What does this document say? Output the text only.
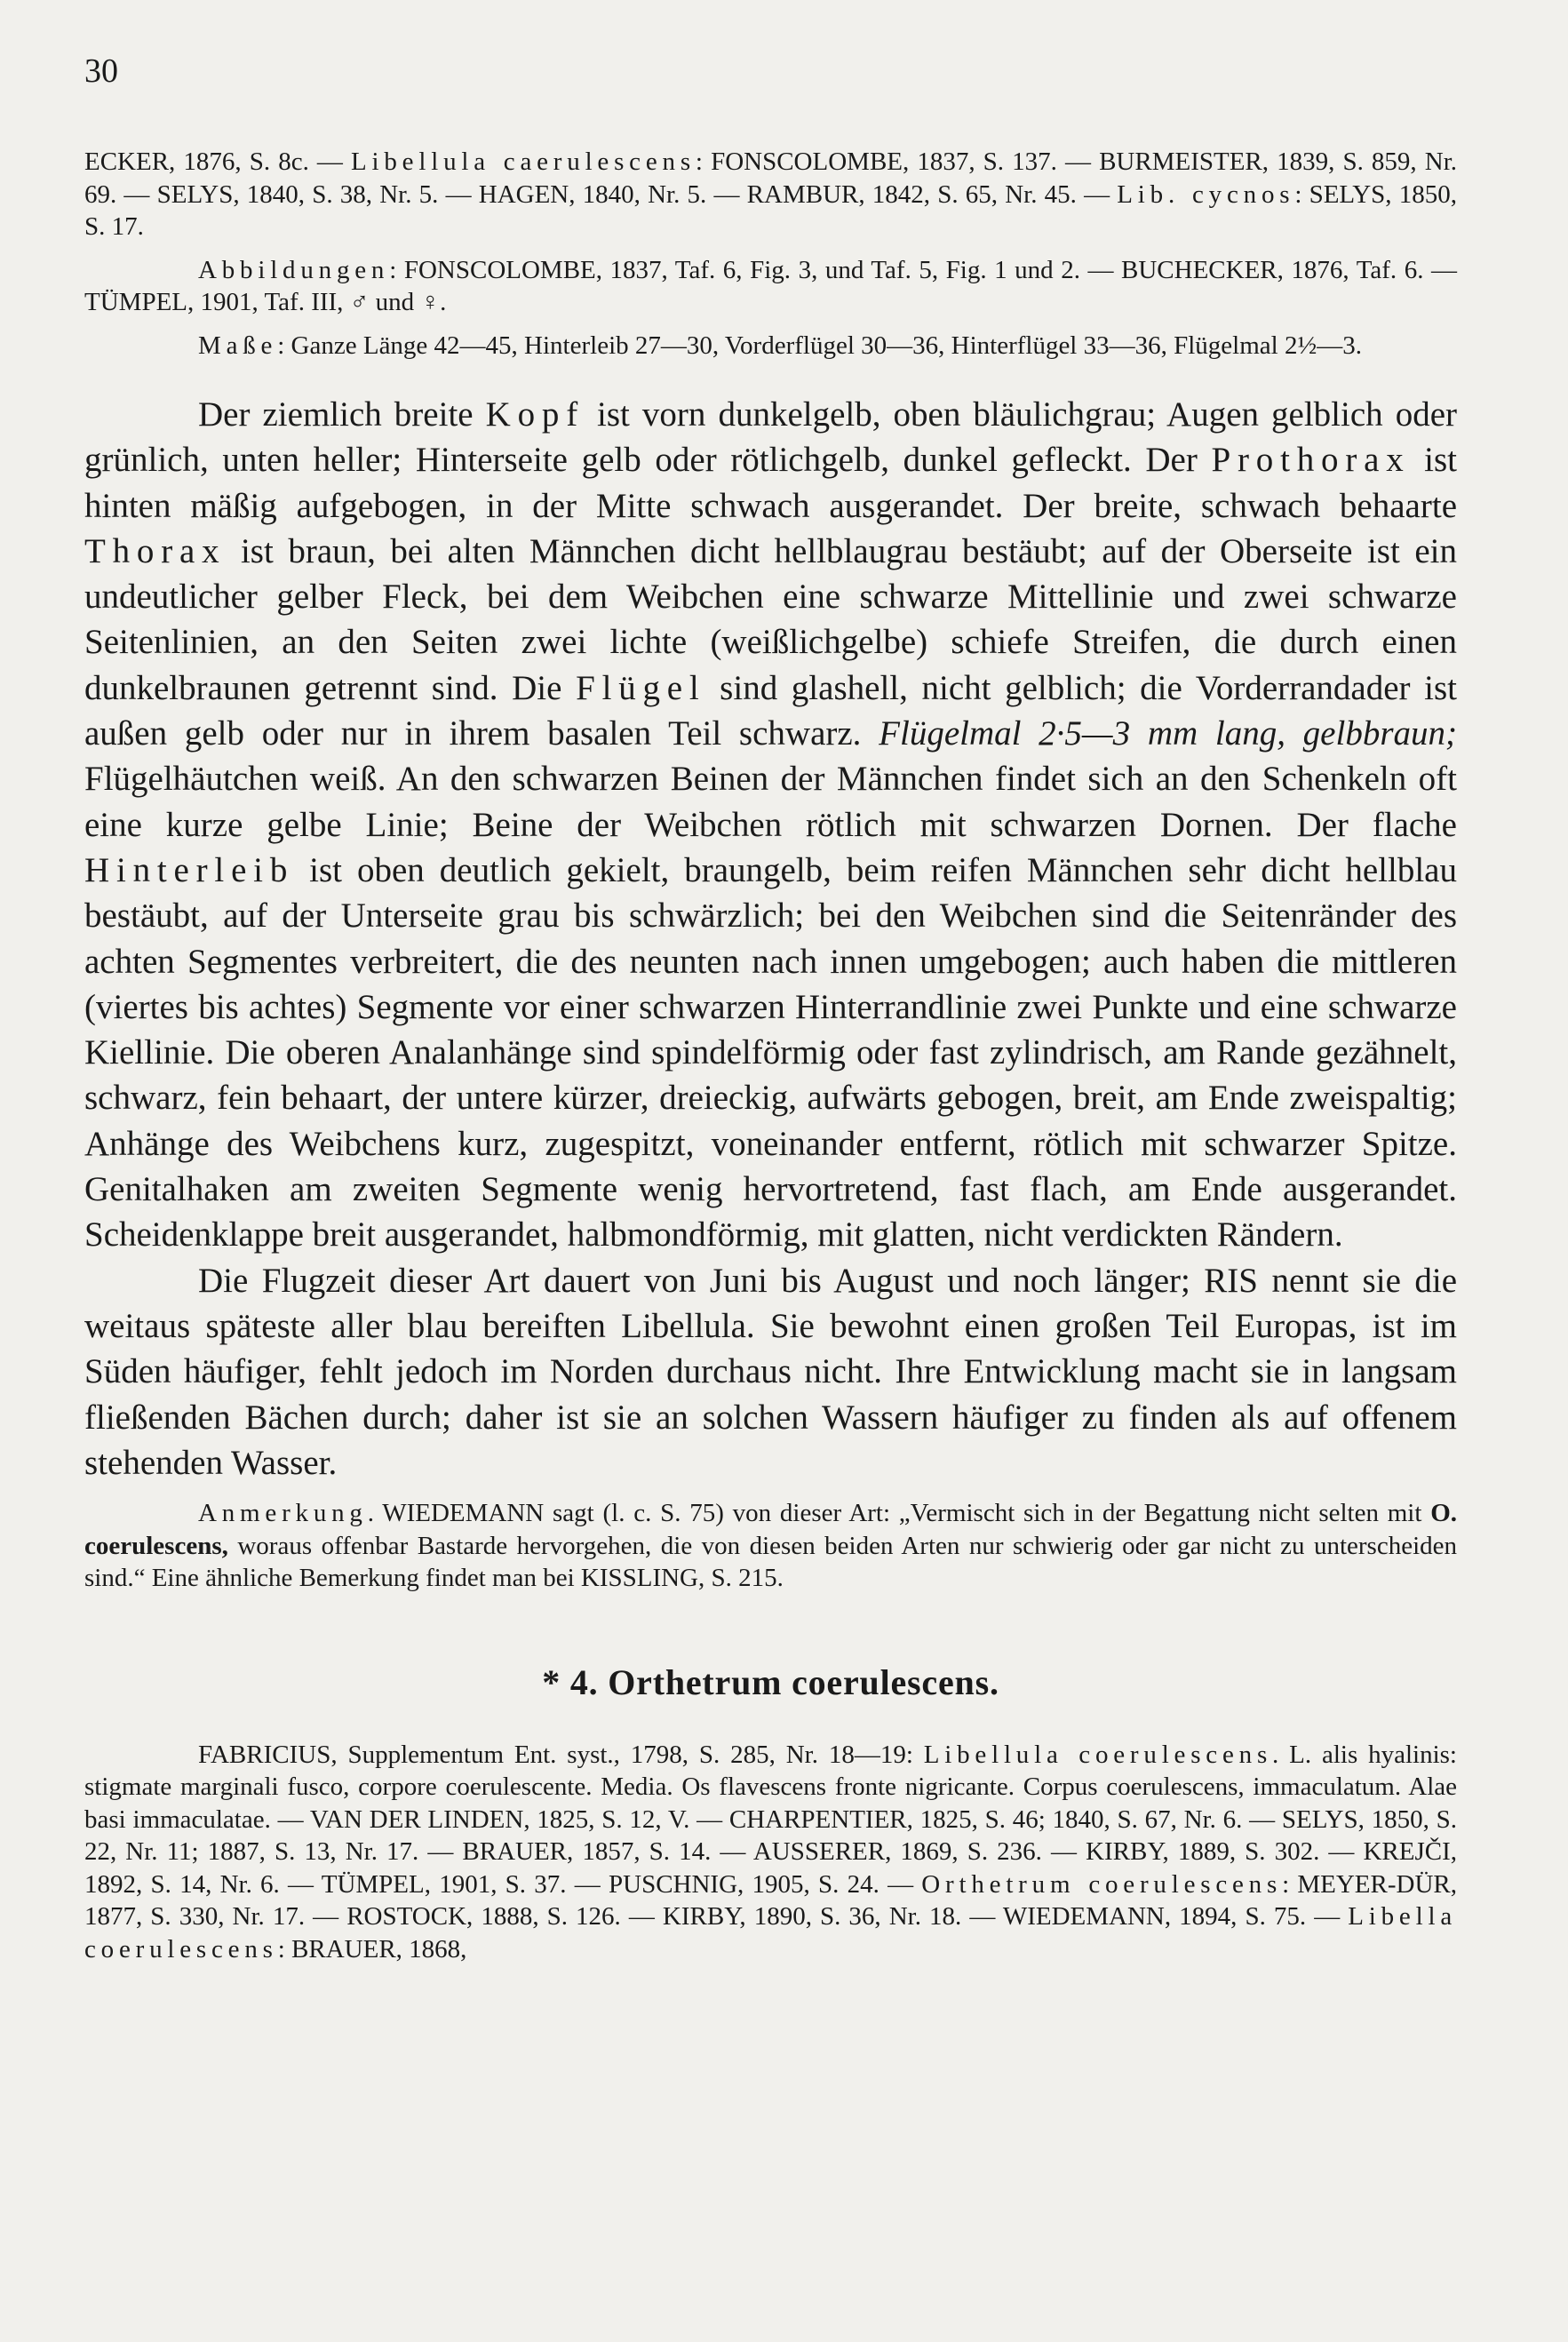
30

ECKER, 1876, S. 8c. — Libellula caerulescens: FONSCOLOMBE, 1837, S. 137. — BURMEISTER, 1839, S. 859, Nr. 69. — SELYS, 1840, S. 38, Nr. 5. — HAGEN, 1840, Nr. 5. — RAMBUR, 1842, S. 65, Nr. 45. — Lib. cycnos: SELYS, 1850, S. 17.

Abbildungen: FONSCOLOMBE, 1837, Taf. 6, Fig. 3, und Taf. 5, Fig. 1 und 2. — BUCHECKER, 1876, Taf. 6. — TÜMPEL, 1901, Taf. III, ♂ und ♀.

Maße: Ganze Länge 42—45, Hinterleib 27—30, Vorderflügel 30—36, Hinterflügel 33—36, Flügelmal 2½—3.

Der ziemlich breite Kopf ist vorn dunkelgelb, oben bläulichgrau; Augen gelblich oder grünlich, unten heller; Hinterseite gelb oder rötlichgelb, dunkel gefleckt. Der Prothorax ist hinten mäßig aufgebogen, in der Mitte schwach ausgerandet. Der breite, schwach behaarte Thorax ist braun, bei alten Männchen dicht hellblaugrau bestäubt; auf der Oberseite ist ein undeutlicher gelber Fleck, bei dem Weibchen eine schwarze Mittellinie und zwei schwarze Seitenlinien, an den Seiten zwei lichte (weißlichgelbe) schiefe Streifen, die durch einen dunkelbraunen getrennt sind. Die Flügel sind glashell, nicht gelblich; die Vorderrandader ist außen gelb oder nur in ihrem basalen Teil schwarz. Flügelmal 2·5—3 mm lang, gelbbraun; Flügelhäutchen weiß. An den schwarzen Beinen der Männchen findet sich an den Schenkeln oft eine kurze gelbe Linie; Beine der Weibchen rötlich mit schwarzen Dornen. Der flache Hinterleib ist oben deutlich gekielt, braungelb, beim reifen Männchen sehr dicht hellblau bestäubt, auf der Unterseite grau bis schwärzlich; bei den Weibchen sind die Seitenränder des achten Segmentes verbreitert, die des neunten nach innen umgebogen; auch haben die mittleren (viertes bis achtes) Segmente vor einer schwarzen Hinterrandlinie zwei Punkte und eine schwarze Kiellinie. Die oberen Analanhänge sind spindelförmig oder fast zylindrisch, am Rande gezähnelt, schwarz, fein behaart, der untere kürzer, dreieckig, aufwärts gebogen, breit, am Ende zweispaltig; Anhänge des Weibchens kurz, zugespitzt, voneinander entfernt, rötlich mit schwarzer Spitze. Genitalhaken am zweiten Segmente wenig hervortretend, fast flach, am Ende ausgerandet. Scheidenklappe breit ausgerandet, halbmondförmig, mit glatten, nicht verdickten Rändern.

Die Flugzeit dieser Art dauert von Juni bis August und noch länger; RIS nennt sie die weitaus späteste aller blau bereiften Libellula. Sie bewohnt einen großen Teil Europas, ist im Süden häufiger, fehlt jedoch im Norden durchaus nicht. Ihre Entwicklung macht sie in langsam fließenden Bächen durch; daher ist sie an solchen Wassern häufiger zu finden als auf offenem stehenden Wasser.

Anmerkung. WIEDEMANN sagt (l. c. S. 75) von dieser Art: „Vermischt sich in der Begattung nicht selten mit O. coerulescens, woraus offenbar Bastarde hervorgehen, die von diesen beiden Arten nur schwierig oder gar nicht zu unterscheiden sind.“ Eine ähnliche Bemerkung findet man bei KISSLING, S. 215.

* 4. Orthetrum coerulescens.

FABRICIUS, Supplementum Ent. syst., 1798, S. 285, Nr. 18—19: Libellula coerulescens. L. alis hyalinis: stigmate marginali fusco, corpore coerulescente. Media. Os flavescens fronte nigricante. Corpus coerulescens, immaculatum. Alae basi immaculatae. — VAN DER LINDEN, 1825, S. 12, V. — CHARPENTIER, 1825, S. 46; 1840, S. 67, Nr. 6. — SELYS, 1850, S. 22, Nr. 11; 1887, S. 13, Nr. 17. — BRAUER, 1857, S. 14. — AUSSERER, 1869, S. 236. — KIRBY, 1889, S. 302. — KREJČI, 1892, S. 14, Nr. 6. — TÜMPEL, 1901, S. 37. — PUSCHNIG, 1905, S. 24. — Orthetrum coerulescens: MEYER-DÜR, 1877, S. 330, Nr. 17. — ROSTOCK, 1888, S. 126. — KIRBY, 1890, S. 36, Nr. 18. — WIEDEMANN, 1894, S. 75. — Libella coerulescens: BRAUER, 1868,
